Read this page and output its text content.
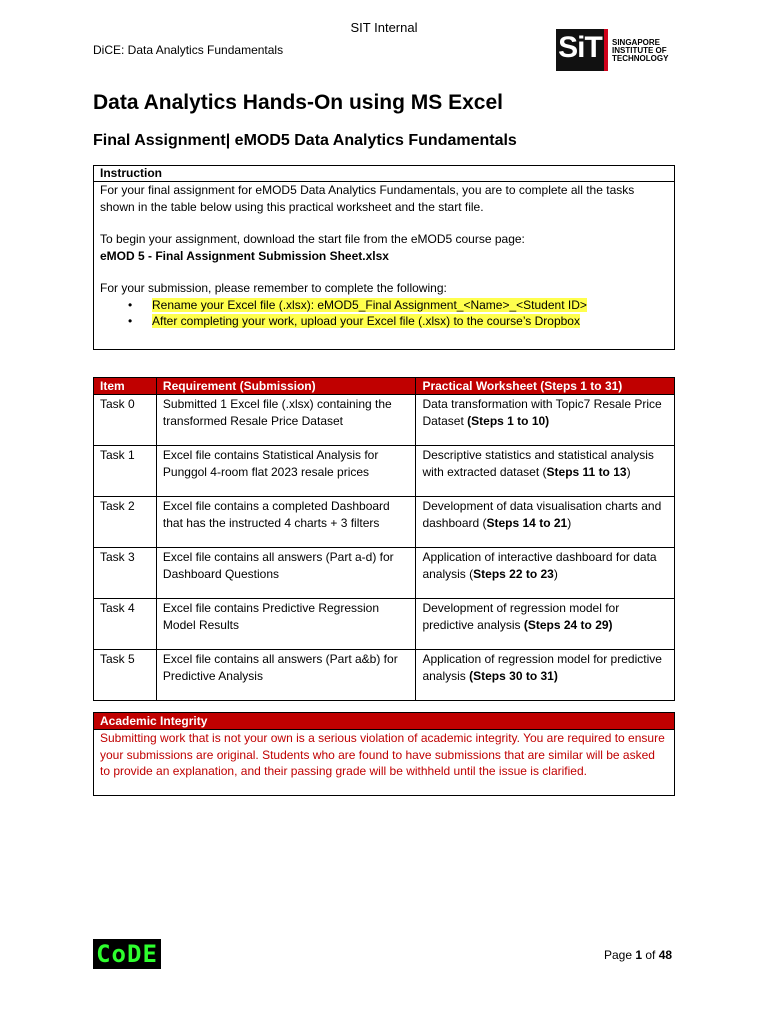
SIT Internal
DiCE: Data Analytics Fundamentals	SiT SINGAPORE
INSTITUTE OF
TECHNOLOGY
Data Analytics Hands-On using MS Excel
Final Assignment| eMOD5 Data Analytics Fundamentals
Instruction

For your final assignment for eMOD5 Data Analytics Fundamentals, you are to complete all the tasks shown in the table below using this practical worksheet and the start file.

To begin your assignment, download the start file from the eMOD5 course page:

eMOD 5 - Final Assignment Submission Sheet.xlsx

For your submission, please remember to complete the following:

• Rename your Excel file (.xlsx): eMOD5_Final Assignment_<Name>_<Student ID>
• After completing your work, upload your Excel file (.xlsx) to the course’s Dropbox
Item	Requirement (Submission)	Practical Worksheet (Steps 1 to 31)
Task 0	Submitted 1 Excel file (.xlsx) containing the transformed Resale Price Dataset	Data transformation with Topic7 Resale Price Dataset (Steps 1 to 10)
Task 1	Excel file contains Statistical Analysis for Punggol 4-room flat 2023 resale prices	Descriptive statistics and statistical analysis with extracted dataset (Steps 11 to 13)
Task 2	Excel file contains a completed Dashboard that has the instructed 4 charts + 3 filters	Development of data visualisation charts and dashboard (Steps 14 to 21)
Task 3	Excel file contains all answers (Part a-d) for Dashboard Questions	Application of interactive dashboard for data analysis (Steps 22 to 23)
Task 4	Excel file contains Predictive Regression Model Results	Development of regression model for predictive analysis (Steps 24 to 29)
Task 5	Excel file contains all answers (Part a&b) for Predictive Analysis	Application of regression model for predictive analysis (Steps 30 to 31)
Academic Integrity
Submitting work that is not your own is a serious violation of academic integrity. You are required to ensure your submissions are original. Students who are found to have submissions that are similar will be asked to provide an explanation, and their passing grade will be withheld until the issue is clarified.
CoDE	Page 1 of 48
